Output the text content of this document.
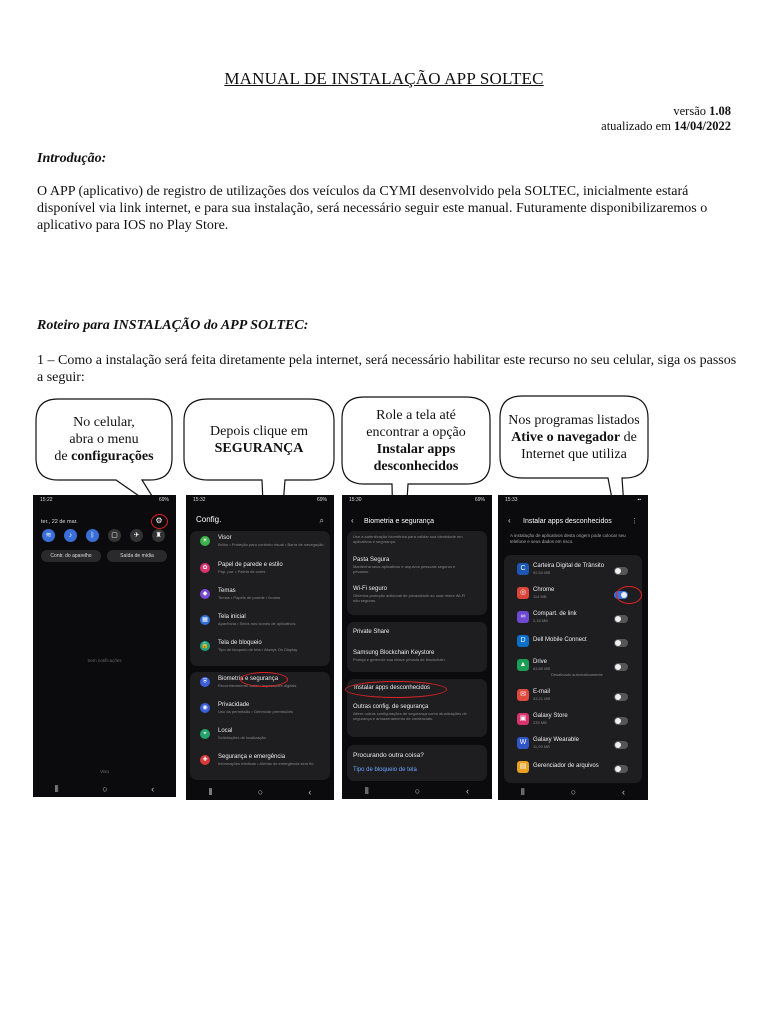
MANUAL DE INSTALAÇÃO APP SOLTEC
versão 1.08
atualizado em 14/04/2022
Introdução:
O APP (aplicativo) de registro de utilizações dos veículos da CYMI desenvolvido pela SOLTEC, inicialmente estará disponível via link internet, e para sua instalação, será necessário seguir este manual. Futuramente disponibilizaremos o aplicativo para IOS no Play Store.
Roteiro para INSTALAÇÃO do APP SOLTEC:
1 – Como a instalação será feita diretamente pela internet, será necessário habilitar este recurso no seu celular, siga os passos a seguir:
No celular,
abra o menu
de configurações
Depois clique em
SEGURANÇA
Role a tela até
encontrar a opção
Instalar apps
desconhecidos
Nos programas listados
Ative o navegador de
Internet que utiliza
15:22	69%
ter., 22 de mar.	⚙
≋	♪	ᛒ	▢	✈	♜
Contr. do aparelho	Saída de mídia
Sem notificações
Vivo
⦀	○	‹
15:32	69%
Config.	⌕
☀	Visor
Brilho • Proteção para conforto visual • Barra de navegação
✿	Papel de parede e estilo
Pap. par. • Paleta de cores
◆	Temas
Temas • Papéis de parede • Ícones
▦	Tela inicial
Aparência • Selos nos ícones de aplicativos
🔒 Tela de bloqueio
Tipo de bloqueio de tela • Always On Display
⛨	Biometria e segurança
Reconhecimento facial • Impressões digitais
◉	Privacidade
Uso da permissão • Gerenciar permissões
⌖	Local
Solicitações de localização
✚	Segurança e emergência
Informações médicas • Alertas de emergência sem fio
⦀	○	‹
15:30	69%
‹ Biometria e segurança
Use a autenticação biométrica para validar sua identidade em aplicativos e segurança.
Pasta Segura
Mantenha seus aplicativos e arquivos pessoais seguros e privados.
Wi-Fi seguro
Obtenha proteção adicional de privacidade ao usar redes Wi-Fi não seguras.
Private Share
Samsung Blockchain Keystore
Proteja e gerencie sua chave privada de blockchain.
Instalar apps desconhecidos
Outras config. de segurança
Altere outras configurações de segurança como atualizações de segurança e armazenamento de credenciais.
Procurando outra coisa?
Tipo de bloqueio de tela
⦀	○	‹
15:33	▪▪
‹ Instalar apps desconhecidos	⋮
A instalação de aplicativos desta origem pode colocar seu telefone e seus dados em risco.
C	Carteira Digital de Trânsito
92,54 MB
◎	Chrome
114 MB
∞	Compart. de link
2,16 MB
D	Dell Mobile Connect
▲	Drive
63,89 MB
Desativado automaticamente
✉	E-mail
33,21 MB
▣	Galaxy Store
239 MB
W	Galaxy Wearable
11,09 MB
▤	Gerenciador de arquivos
⦀	○	‹
